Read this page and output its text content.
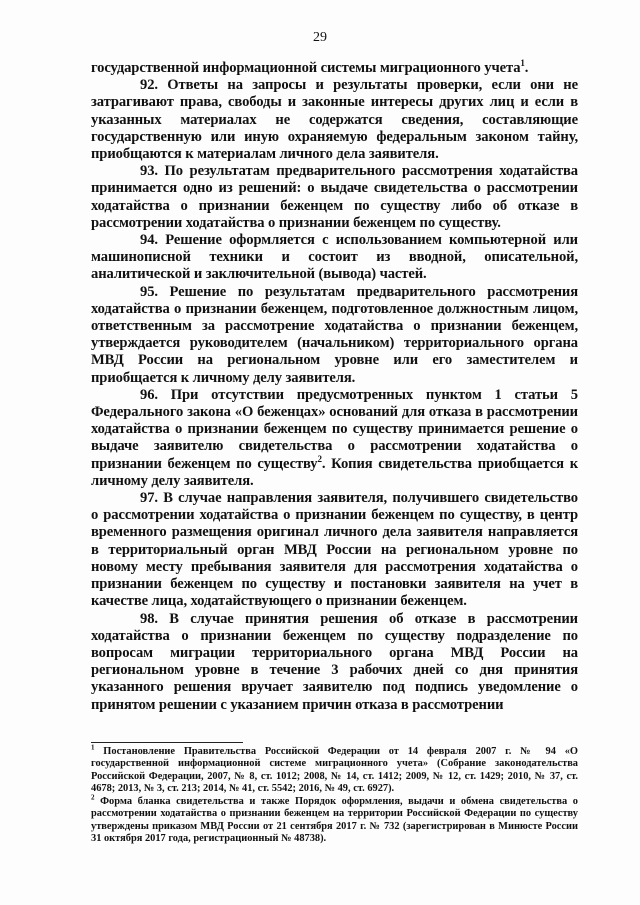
29

государственной информационной системы миграционного учета$^1$.

92. Ответы на запросы и результаты проверки, если они не затрагивают права, свободы и законные интересы других лиц и если в указанных материалах не содержатся сведения, составляющие государственную или иную охраняемую федеральным законом тайну, приобщаются к материалам личного дела заявителя.

93. По результатам предварительного рассмотрения ходатайства принимается одно из решений: о выдаче свидетельства о рассмотрении ходатайства о признании беженцем по существу либо об отказе в рассмотрении ходатайства о признании беженцем по существу.

94. Решение оформляется с использованием компьютерной или машинописной техники и состоит из вводной, описательной, аналитической и заключительной (вывода) частей.

95. Решение по результатам предварительного рассмотрения ходатайства о признании беженцем, подготовленное должностным лицом, ответственным за рассмотрение ходатайства о признании беженцем, утверждается руководителем (начальником) территориального органа МВД России на региональном уровне или его заместителем и приобщается к личному делу заявителя.

96. При отсутствии предусмотренных пунктом 1 статьи 5 Федерального закона «О беженцах» оснований для отказа в рассмотрении ходатайства о признании беженцем по существу принимается решение о выдаче заявителю свидетельства о рассмотрении ходатайства о признании беженцем по существу$^2$. Копия свидетельства приобщается к личному делу заявителя.

97. В случае направления заявителя, получившего свидетельство о рассмотрении ходатайства о признании беженцем по существу, в центр временного размещения оригинал личного дела заявителя направляется в территориальный орган МВД России на региональном уровне по новому месту пребывания заявителя для рассмотрения ходатайства о признании беженцем по существу и постановки заявителя на учет в качестве лица, ходатайствующего о признании беженцем.

98. В случае принятия решения об отказе в рассмотрении ходатайства о признании беженцем по существу подразделение по вопросам миграции территориального органа МВД России на региональном уровне в течение 3 рабочих дней со дня принятия указанного решения вручает заявителю под подпись уведомление о принятом решении с указанием причин отказа в рассмотрении

$^1$ Постановление Правительства Российской Федерации от 14 февраля 2007 г. № 94 «О государственной информационной системе миграционного учета» (Собрание законодательства Российской Федерации, 2007, № 8, ст. 1012; 2008, № 14, ст. 1412; 2009, № 12, ст. 1429; 2010, № 37, ст. 4678; 2013, № 3, ст. 213; 2014, № 41, ст. 5542; 2016, № 49, ст. 6927).

$^2$ Форма бланка свидетельства и также Порядок оформления, выдачи и обмена свидетельства о рассмотрении ходатайства о признании беженцем на территории Российской Федерации по существу утверждены приказом МВД России от 21 сентября 2017 г. № 732 (зарегистрирован в Минюсте России 31 октября 2017 года, регистрационный № 48738).
